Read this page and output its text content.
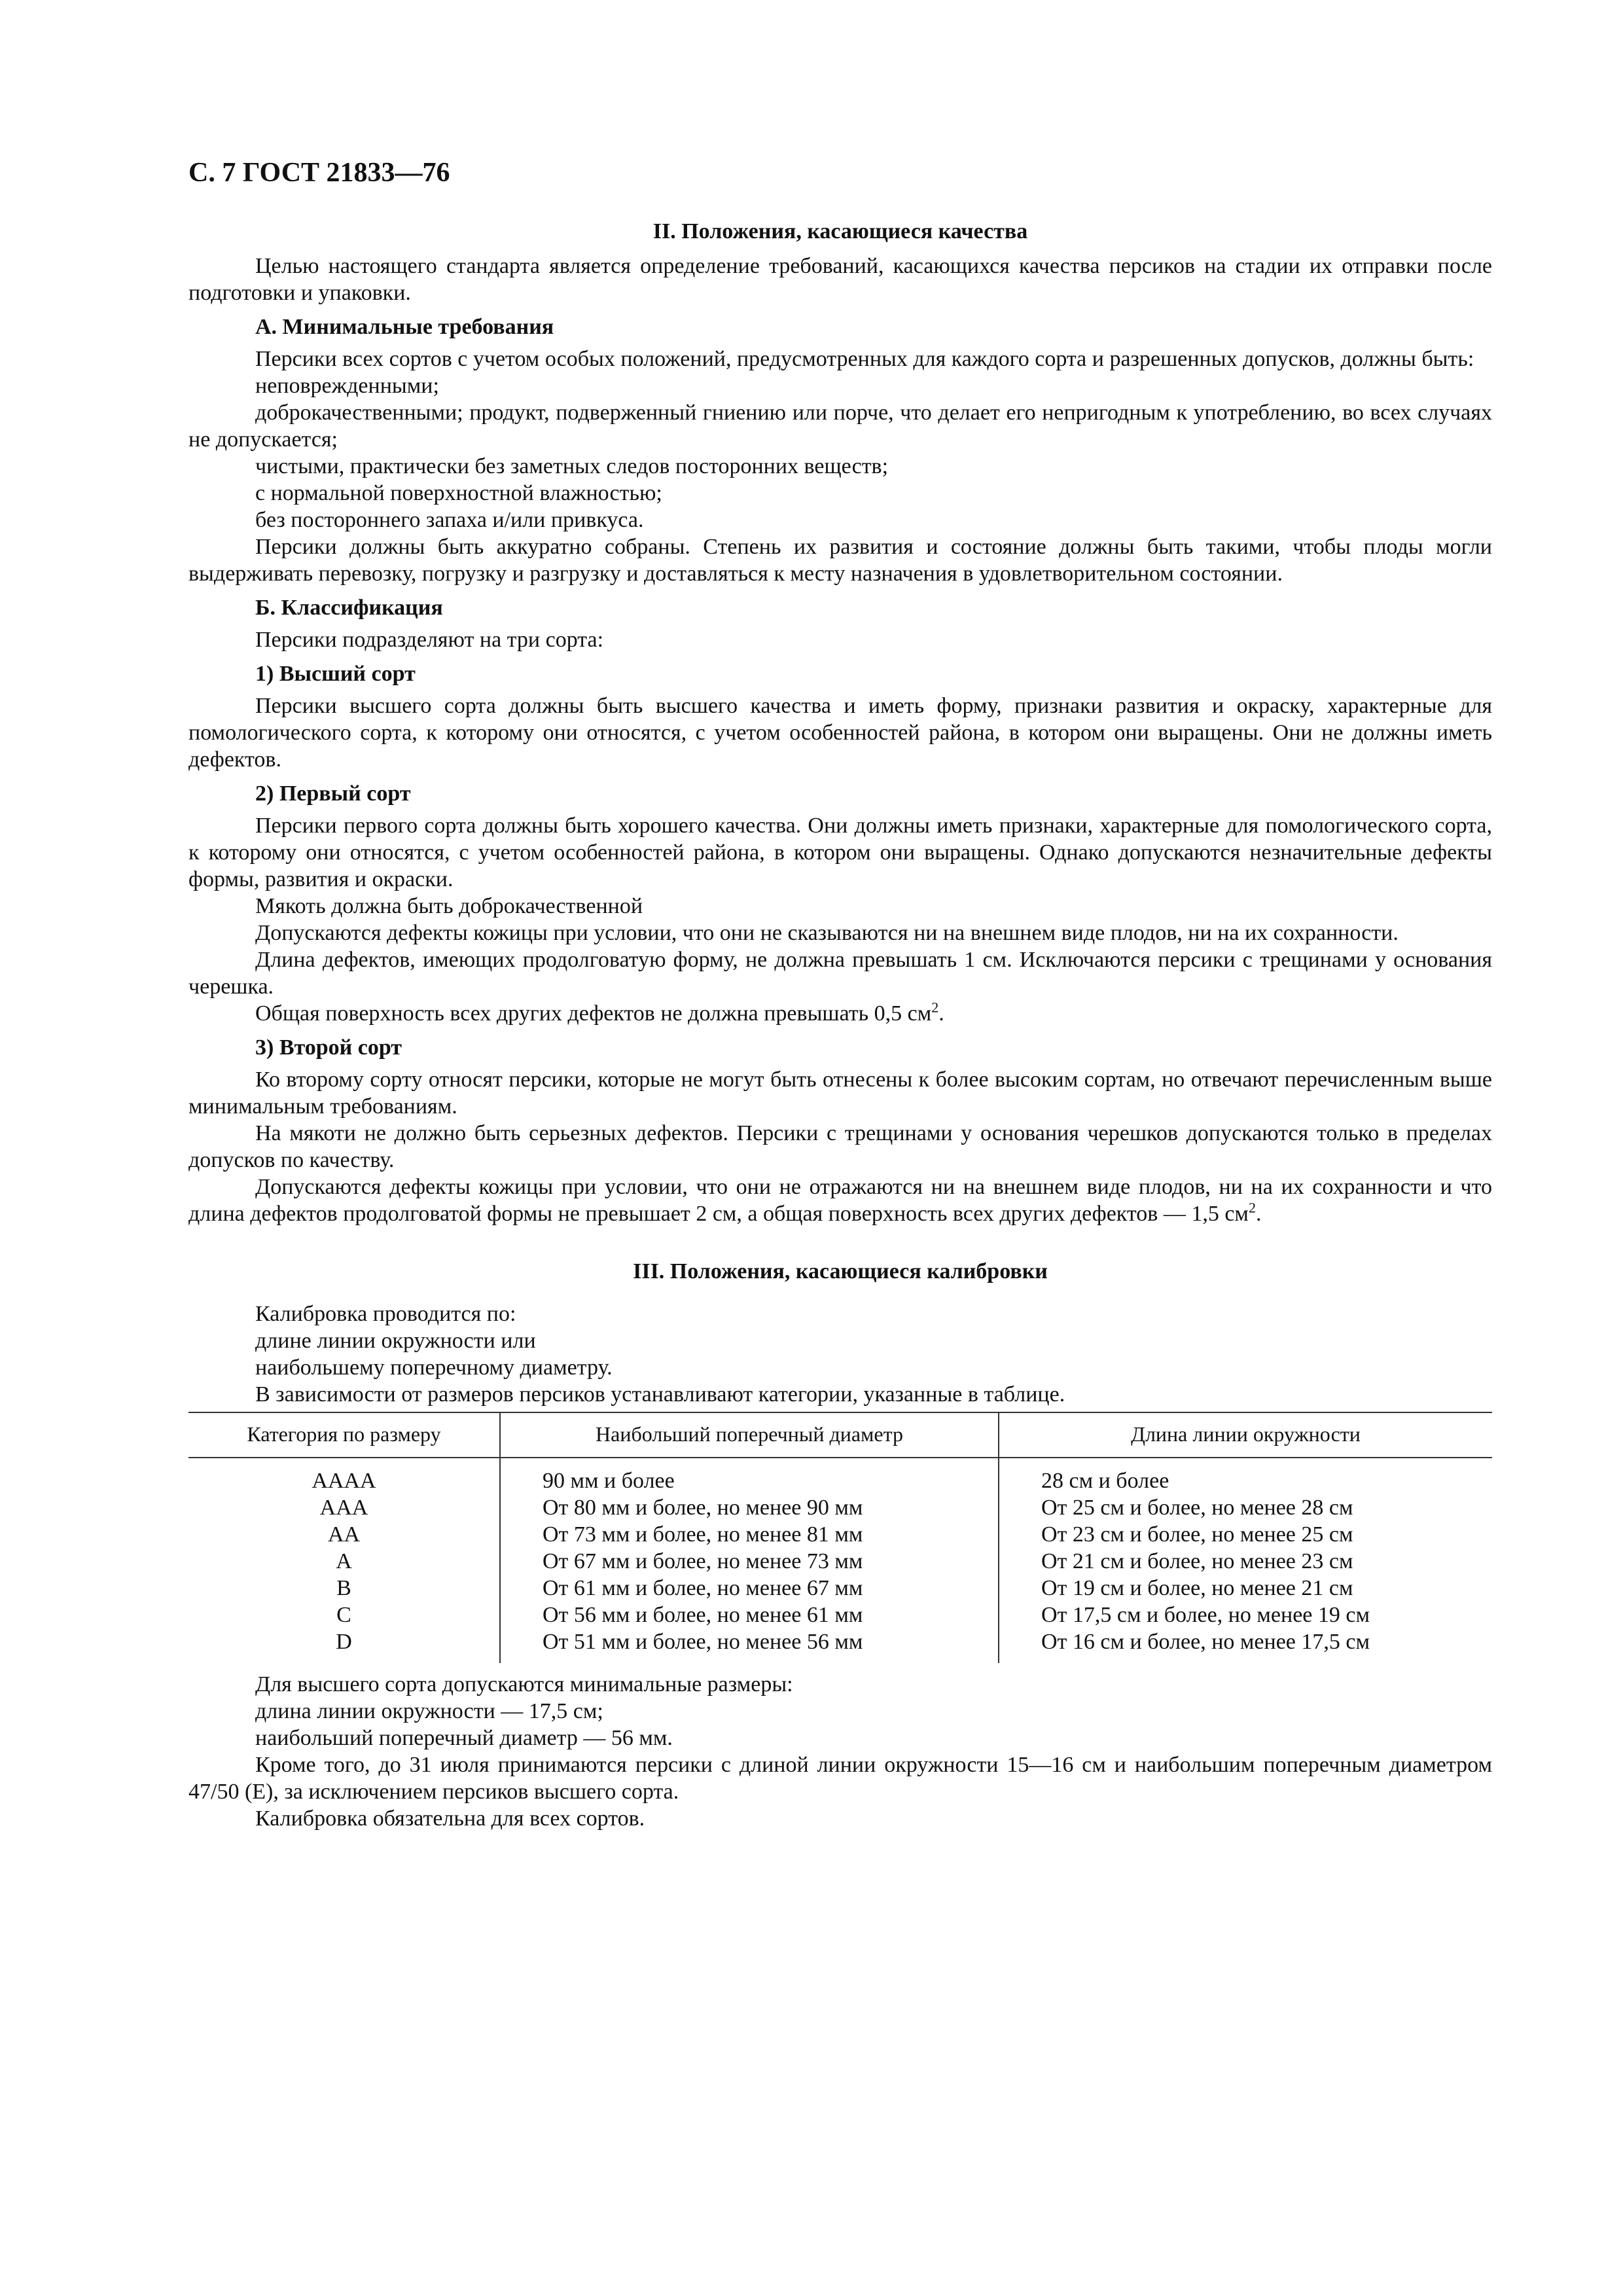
С. 7 ГОСТ 21833—76
II. Положения, касающиеся качества

Целью настоящего стандарта является определение требований, касающихся качества персиков на стадии их отправки после подготовки и упаковки.

А. Минимальные требования

Персики всех сортов с учетом особых положений, предусмотренных для каждого сорта и разрешенных допусков, должны быть:

неповрежденными;

доброкачественными; продукт, подверженный гниению или порче, что делает его непригодным к употреблению, во всех случаях не допускается;

чистыми, практически без заметных следов посторонних веществ;

с нормальной поверхностной влажностью;

без постороннего запаха и/или привкуса.

Персики должны быть аккуратно собраны. Степень их развития и состояние должны быть такими, чтобы плоды могли выдерживать перевозку, погрузку и разгрузку и доставляться к месту назначения в удовлетворительном состоянии.

Б. Классификация

Персики подразделяют на три сорта:

1) Высший сорт

Персики высшего сорта должны быть высшего качества и иметь форму, признаки развития и окраску, характерные для помологического сорта, к которому они относятся, с учетом особенностей района, в котором они выращены. Они не должны иметь дефектов.

2) Первый сорт

Персики первого сорта должны быть хорошего качества. Они должны иметь признаки, характерные для помологического сорта, к которому они относятся, с учетом особенностей района, в котором они выращены. Однако допускаются незначительные дефекты формы, развития и окраски.

Мякоть должна быть доброкачественной

Допускаются дефекты кожицы при условии, что они не сказываются ни на внешнем виде плодов, ни на их сохранности.

Длина дефектов, имеющих продолговатую форму, не должна превышать 1 см. Исключаются персики с трещинами у основания черешка.

Общая поверхность всех других дефектов не должна превышать 0,5 $см^2$.

3) Второй сорт

Ко второму сорту относят персики, которые не могут быть отнесены к более высоким сортам, но отвечают перечисленным выше минимальным требованиям.

На мякоти не должно быть серьезных дефектов. Персики с трещинами у основания черешков допускаются только в пределах допусков по качеству.

Допускаются дефекты кожицы при условии, что они не отражаются ни на внешнем виде плодов, ни на их сохранности и что длина дефектов продолговатой формы не превышает 2 см, а общая поверхность всех других дефектов — 1,5 $см^2$.

III. Положения, касающиеся калибровки

Калибровка проводится по:

длине линии окружности или

наибольшему поперечному диаметру.

В зависимости от размеров персиков устанавливают категории, указанные в таблице.

Категория по размеру	Наибольший поперечный диаметр	Длина линии окружности
AAAA	90 мм и более	28 см и более
AAA	От 80 мм и более, но менее 90 мм	От 25 см и более, но менее 28 см
AA	От 73 мм и более, но менее 81 мм	От 23 см и более, но менее 25 см
A	От 67 мм и более, но менее 73 мм	От 21 см и более, но менее 23 см
B	От 61 мм и более, но менее 67 мм	От 19 см и более, но менее 21 см
C	От 56 мм и более, но менее 61 мм	От 17,5 см и более, но менее 19 см
D	От 51 мм и более, но менее 56 мм	От 16 см и более, но менее 17,5 см

Для высшего сорта допускаются минимальные размеры:

длина линии окружности — 17,5 см;

наибольший поперечный диаметр — 56 мм.

Кроме того, до 31 июля принимаются персики с длиной линии окружности 15—16 см и наибольшим поперечным диаметром 47/50 (Е), за исключением персиков высшего сорта.

Калибровка обязательна для всех сортов.
